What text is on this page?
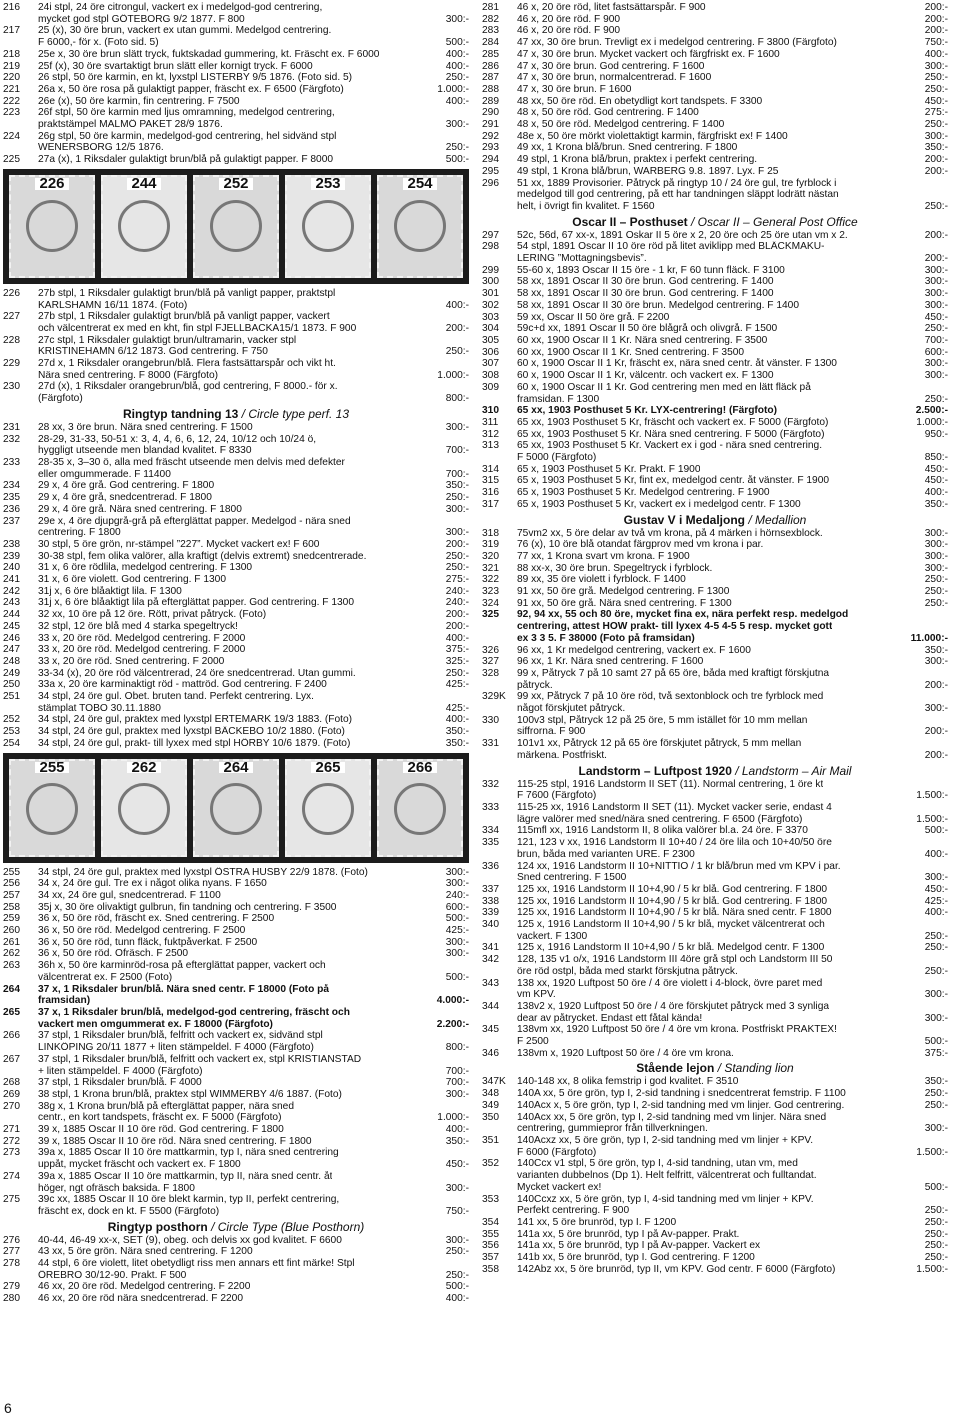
216	24i stpl, 24 öre citrongul, vackert ex i medelgod-god centrering,
mycket god stpl GÖTEBORG 9/2 1877. F 800	300:-
217	25 (x), 30 öre brun, vackert ex utan gummi. Medelgod centrering.
F 6000,- för x. (Foto sid. 5)	500:-
218	25e x, 30 öre brun slätt tryck, fuktskadad gummering, kt. Fräscht ex. F 6000	400:-
219	25f (x), 30 öre svartaktigt brun slätt eller kornigt tryck. F 6000	400:-
220	26 stpl, 50 öre karmin, en kt, lyxstpl LISTERBY 9/5 1876. (Foto sid. 5)	250:-
221	26a x, 50 öre rosa på gulaktigt papper, fräscht ex. F 6500 (Färgfoto)	1.000:-
222	26e (x), 50 öre karmin, fin centrering. F 7500	400:-
223	26f stpl, 50 öre karmin med ljus omramning, medelgod centrering,
praktstämpel MALMÖ PAKET 28/9 1876.	300:-
224	26g stpl, 50 öre karmin, medelgod-god centrering, hel sidvänd stpl
WENERSBORG 12/5 1876.	250:-
225	27a (x), 1 Riksdaler gulaktigt brun/blå på gulaktigt papper. F 8000	500:-
226	244	252	253	254
226	27b stpl, 1 Riksdaler gulaktigt brun/blå på vanligt papper, praktstpl
KARLSHAMN 16/11 1874. (Foto)	400:-
227	27b stpl, 1 Riksdaler gulaktigt brun/blå på vanligt papper, vackert
och välcentrerat ex med en kht, fin stpl FJELLBACKA15/1 1873. F 900	200:-
228	27c stpl, 1 Riksdaler gulaktigt brun/ultramarin, vacker stpl
KRISTINEHAMN 6/12 1873. God centrering. F 750	250:-
229	27d x, 1 Riksdaler orangebrun/blå. Flera fastsättarspår och vikt ht.
Nära sned centrering. F 8000 (Färgfoto)	1.000:-
230	27d (x), 1 Riksdaler orangebrun/blå, god centrering, F 8000.- för x.
(Färgfoto)	800:-
Ringtyp tandning 13 / Circle type perf. 13
231	28 xx, 3 öre brun. Nära sned centrering. F 1500	300:-
232	28-29, 31-33, 50-51 x: 3, 4, 4, 6, 6, 12, 24, 10/12 och 10/24 ö,
hyggligt utseende men blandad kvalitet. F 8330	700:-
233	28-35 x, 3–30 ö, alla med fräscht utseende men delvis med defekter
eller omgummerade. F 11400	700:-
234	29 x, 4 öre grå. God centrering. F 1800	350:-
235	29 x, 4 öre grå, snedcentrerad. F 1800	250:-
236	29 x, 4 öre grå. Nära sned centrering. F 1800	300:-
237	29e x, 4 öre djupgrå-grå på efterglättat papper. Medelgod - nära sned
centrering. F 1800	300:-
238	30 stpl, 5 öre grön, nr-stämpel ”227”. Mycket vackert ex! F 600	200:-
239	30-38 stpl, fem olika valörer, alla kraftigt (delvis extremt) snedcentrerade.	250:-
240	31 x, 6 öre rödlila, medelgod centrering. F 1300	250:-
241	31 x, 6 öre violett. God centrering. F 1300	275:-
242	31j x, 6 öre blåaktigt lila. F 1300	240:-
243	31j x, 6 öre blåaktigt lila på efterglättat papper. God centrering. F 1300	240:-
244	32 xx, 10 öre på 12 öre. Rött, privat påtryck. (Foto)	200:-
245	32 stpl, 12 öre blå med 4 starka spegeltryck!	200:-
246	33 x, 20 öre röd. Medelgod centrering. F 2000	400:-
247	33 x, 20 öre röd. Medelgod centrering. F 2000	375:-
248	33 x, 20 öre röd. Sned centrering. F 2000	325:-
249	33-34 (x), 20 öre röd välcentrerad, 24 öre snedcentrerad. Utan gummi.	250:-
250	33a x, 20 öre karminaktigt röd - mattröd. God centrering. F 2400	425:-
251	34 stpl, 24 öre gul. Obet. bruten tand. Perfekt centrering. Lyx.
stämplat TOBO 30.11.1880	425:-
252	34 stpl, 24 öre gul, praktex med lyxstpl ERTEMARK 19/3 1883. (Foto)	400:-
253	34 stpl, 24 öre gul, praktex med lyxstpl BÄCKEBO 10/2 1880. (Foto)	350:-
254	34 stpl, 24 öre gul, prakt- till lyxex med stpl HÖRBY 10/6 1879. (Foto)	350:-
255	262	264	265	266
255	34 stpl, 24 öre gul, praktex med lyxstpl ÖSTRA HUSBY 22/9 1878. (Foto)	300:-
256	34 x, 24 öre gul. Tre ex i något olika nyans. F 1650	300:-
257	34 xx, 24 öre gul, snedcentrerad. F 1100	240:-
258	35j x, 30 öre olivaktigt gulbrun, fin tandning och centrering. F 3500	600:-
259	36 x, 50 öre röd, fräscht ex. Sned centrering. F 2500	500:-
260	36 x, 50 öre röd. Medelgod centrering. F 2500	425:-
261	36 x, 50 öre röd, tunn fläck, fuktpåverkat. F 2500	300:-
262	36 x, 50 öre röd. Ofräsch. F 2500	300:-
263	36h x, 50 öre karminröd-rosa på efterglättat papper, vackert och
välcentrerat ex. F 2500 (Foto)	500:-
264	37 x, 1 Riksdaler brun/blå. Nära sned centr. F 18000 (Foto på
framsidan)	4.000:-
265	37 x, 1 Riksdaler brun/blå, medelgod-god centrering, fräscht och
vackert men omgummerat ex. F 18000 (Färgfoto)	2.200:-
266	37 stpl, 1 Riksdaler brun/blå, felfritt och vackert ex, sidvänd stpl
LINKÖPING 20/11 1877 + liten stämpeldel. F 4000 (Färgfoto)	800:-
267	37 stpl, 1 Riksdaler brun/blå, felfritt och vackert ex, stpl KRISTIANSTAD
+ liten stämpeldel. F 4000 (Färgfoto)	700:-
268	37 stpl, 1 Riksdaler brun/blå. F 4000	700:-
269	38 stpl, 1 Krona brun/blå, praktex stpl WIMMERBY 4/6 1887. (Foto)	300:-
270	38g x, 1 Krona brun/blå på efterglättat papper, nära sned
centr., en kort tandspets, fräscht ex. F 5000 (Färgfoto)	1.000:-
271	39 x, 1885 Oscar II 10 öre röd. God centrering. F 1800	400:-
272	39 x, 1885 Oscar II 10 öre röd. Nära sned centrering. F 1800	350:-
273	39a x, 1885 Oscar II 10 öre mattkarmin, typ I, nära sned centrering
uppåt, mycket fräscht och vackert ex. F 1800	450:-
274	39a x, 1885 Oscar II 10 öre mattkarmin, typ II, nära sned centr. åt
höger, ngt ofräsch baksida. F 1800	300:-
275	39c xx, 1885 Oscar II 10 öre blekt karmin, typ II, perfekt centrering,
fräscht ex, dock en kt. F 5500 (Färgfoto)	750:-
Ringtyp posthorn / Circle Type (Blue Posthorn)
276	40-44, 46-49 xx-x, SET (9), obeg. och delvis xx god kvalitet. F 6600	300:-
277	43 xx, 5 öre grön. Nära sned centrering. F 1200	250:-
278	44 stpl, 6 öre violett, litet obetydligt riss men annars ett fint märke! Stpl
ÖREBRO 30/12-90. Prakt. F 500	250:-
279	46 xx, 20 öre röd. Medelgod centrering. F 2200	500:-
280	46 xx, 20 öre röd nära snedcentrerad. F 2200	400:-
281	46 x, 20 öre röd, litet fastsättarspår. F 900	200:-
282	46 x, 20 öre röd. F 900	200:-
283	46 x, 20 öre röd. F 900	200:-
284	47 xx, 30 öre brun. Trevligt ex i medelgod centrering. F 3800 (Färgfoto)	750:-
285	47 x, 30 öre brun. Mycket vackert och färgfriskt ex. F 1600	400:-
286	47 x, 30 öre brun. God centrering. F 1600	300:-
287	47 x, 30 öre brun, normalcentrerad. F 1600	250:-
288	47 x, 30 öre brun. F 1600	250:-
289	48 xx, 50 öre röd. En obetydligt kort tandspets. F 3300	450:-
290	48 x, 50 öre röd. God centrering. F 1400	275:-
291	48 x, 50 öre röd. Medelgod centrering. F 1400	250:-
292	48e x, 50 öre mörkt violettaktigt karmin, färgfriskt ex! F 1400	300:-
293	49 xx, 1 Krona blå/brun. Sned centrering. F 1800	350:-
294	49 stpl, 1 Krona blå/brun, praktex i perfekt centrering.	200:-
295	49 stpl, 1 Krona blå/brun, WARBERG 9.8. 1897. Lyx. F 25	200:-
296	51 xx, 1889 Provisorier. Påtryck på ringtyp 10 / 24 öre gul, tre fyrblock i
medelgod till god centrering, på ett har tandningen släppt lodrätt nästan
helt, i övrigt fin kvalitet. F 1560	250:-
Oscar II – Posthuset / Oscar II – General Post Office
297	52c, 56d, 67 xx-x, 1891 Oskar II 5 öre x 2, 20 öre och 25 öre utan vm x 2.	200:-
298	54 stpl, 1891 Oscar II 10 öre röd på litet aviklipp med BLÄCKMAKU-
LERING ”Mottagningsbevis”.	200:-
299	55-60 x, 1893 Oscar II 15 öre - 1 kr, F 60 tunn fläck. F 3100	300:-
300	58 xx, 1891 Oscar II 30 öre brun. God centrering. F 1400	300:-
301	58 xx, 1891 Oscar II 30 öre brun. God centrering. F 1400	300:-
302	58 xx, 1891 Oscar II 30 öre brun. Medelgod centrering. F 1400	300:-
303	59 xx, Oscar II 50 öre grå. F 2200	450:-
304	59c+d xx, 1891 Oscar II 50 öre blågrå och olivgrå. F 1500	250:-
305	60 xx, 1900 Oscar II 1 Kr. Nära sned centrering. F 3500	700:-
306	60 xx, 1900 Oscar II 1 Kr. Sned centrering. F 3500	600:-
307	60 x, 1900 Oscar II 1 Kr, fräscht ex, nära sned centr. åt vänster. F 1300	300:-
308	60 x, 1900 Oscar II 1 Kr, välcentr. och vackert ex. F 1300	300:-
309	60 x, 1900 Oscar II 1 Kr. God centrering men med en lätt fläck på
framsidan. F 1300	250:-
310	65 xx, 1903 Posthuset 5 Kr. LYX-centrering! (Färgfoto)	2.500:-
311	65 xx, 1903 Posthuset 5 Kr, fräscht och vackert ex. F 5000 (Färgfoto)	1.000:-
312	65 xx, 1903 Posthuset 5 Kr. Nära sned centrering. F 5000 (Färgfoto)	950:-
313	65 xx, 1903 Posthuset 5 Kr. Vackert ex i god - nära sned centrering.
F 5000 (Färgfoto)	850:-
314	65 x, 1903 Posthuset 5 Kr. Prakt. F 1900	450:-
315	65 x, 1903 Posthuset 5 Kr, fint ex, medelgod centr. åt vänster. F 1900	450:-
316	65 x, 1903 Posthuset 5 Kr. Medelgod centrering. F 1900	400:-
317	65 x, 1903 Posthuset 5 Kr, vackert ex i medelgod centr. F 1300	350:-
Gustav V i Medaljong / Medallion
318	75vm2 xx, 5 öre delar av två vm krona, på 4 märken i hörnsexblock.	300:-
319	76 (x), 10 öre blå otandat färgprov med vm krona i par.	300:-
320	77 xx, 1 Krona svart vm krona. F 1900	300:-
321	88 xx-x, 30 öre brun. Spegeltryck i fyrblock.	300:-
322	89 xx, 35 öre violett i fyrblock. F 1400	250:-
323	91 xx, 50 öre grå. Medelgod centrering. F 1300	250:-
324	91 xx, 50 öre grå. Nära sned centrering. F 1300	250:-
325	92, 94 xx, 55 och 80 öre, mycket fina ex, nära perfekt resp. medelgod
centrering, attest HOW prakt- till lyxex 4-5 4-5 5 resp. mycket gott
ex 3 3 5. F 38000 (Foto på framsidan)	11.000:-
326	96 xx, 1 Kr medelgod centrering, vackert ex. F 1600	350:-
327	96 xx, 1 Kr. Nära sned centrering. F 1600	300:-
328	99 x, Påtryck 7 på 10 samt 27 på 65 öre, båda med kraftigt förskjutna
påtryck.	200:-
329K	99 xx, Påtryck 7 på 10 öre röd, två sextonblock och tre fyrblock med
något förskjutet påtryck.	300:-
330	100v3 stpl, Påtryck 12 på 25 öre, 5 mm istället för 10 mm mellan
siffrorna. F 900	200:-
331	101v1 xx, Påtryck 12 på 65 öre förskjutet påtryck, 5 mm mellan
märkena. Postfriskt.	200:-
Landstorm – Luftpost 1920 / Landstorm – Air Mail
332	115-25 stpl, 1916 Landstorm II SET (11). Normal centrering, 1 öre kt
F 7600 (Färgfoto)	1.500:-
333	115-25 xx, 1916 Landstorm II SET (11). Mycket vacker serie, endast 4
lägre valörer med sned/nära sned centrering. F 6500 (Färgfoto)	1.500:-
334	115mfl xx, 1916 Landstorm II, 8 olika valörer bl.a. 24 öre. F 3370	500:-
335	121, 123 v xx, 1916 Landstorm II 10+40 / 24 öre lila och 10+40/50 öre
brun, båda med varianten URE. F 2300	400:-
336	124 xx, 1916 Landstorm II 10+NITTIO / 1 kr blå/brun med vm KPV i par.
Sned centrering. F 1500	300:-
337	125 xx, 1916 Landstorm II 10+4,90 / 5 kr blå. God centrering. F 1800	450:-
338	125 xx, 1916 Landstorm II 10+4,90 / 5 kr blå. God centrering. F 1800	425:-
339	125 xx, 1916 Landstorm II 10+4,90 / 5 kr blå. Nära sned centr. F 1800	400:-
340	125 x, 1916 Landstorm II 10+4,90 / 5 kr blå, mycket välcentrerat och
vackert. F 1300	250:-
341	125 x, 1916 Landstorm II 10+4,90 / 5 kr blå. Medelgod centr. F 1300	250:-
342	128, 135 v1 o/x, 1916 Landstorm III 4öre grå stpl och Landstorm III 50
öre röd ostpl, båda med starkt förskjutna påtryck.	250:-
343	138 xx, 1920 Luftpost 50 öre / 4 öre violett i 4-block, övre paret med
vm KPV.	300:-
344	138v2 x, 1920 Luftpost 50 öre / 4 öre förskjutet påtryck med 3 synliga
dear av påtrycket. Endast ett fåtal kända!	300:-
345	138vm xx, 1920 Luftpost 50 öre / 4 öre vm krona. Postfriskt PRAKTEX!
F 2500	500:-
346	138vm x, 1920 Luftpost 50 öre / 4 öre vm krona.	375:-
Stående lejon / Standing lion
347K	140-148 xx, 8 olika femstrip i god kvalitet. F 3510	350:-
348	140A xx, 5 öre grön, typ I, 2-sid tandning i snedcentrerat femstrip. F 1100	250:-
349	140Acx x, 5 öre grön, typ I, 2-sid tandning med vm linjer. God centrering.	250:-
350	140Acx xx, 5 öre grön, typ I, 2-sid tandning med vm linjer. Nära sned
centrering, gummiepror från tillverkningen.	300:-
351	140Acxz xx, 5 öre grön, typ I, 2-sid tandning med vm linjer + KPV.
F 6000 (Färgfoto)	1.500:-
352	140Ccx v1 stpl, 5 öre grön, typ I, 4-sid tandning, utan vm, med
varianten dubbelnos (Dp 1). Helt felfritt, välcentrerat och fulltandat.
Mycket vackert ex!	500:-
353	140Ccxz xx, 5 öre grön, typ I, 4-sid tandning med vm linjer + KPV.
Perfekt centrering. F 900	250:-
354	141 xx, 5 öre brunröd, typ I. F 1200	250:-
355	141a xx, 5 öre brunröd, typ I på Av-papper. Prakt.	250:-
356	141a xx, 5 öre brunröd, typ I på Av-papper. Vackert ex	250:-
357	141b xx, 5 öre brunröd, typ I. God centrering. F 1200	250:-
358	142Abz xx, 5 öre brunröd, typ II, vm KPV. God centr. F 6000 (Färgfoto)	1.500:-
6
